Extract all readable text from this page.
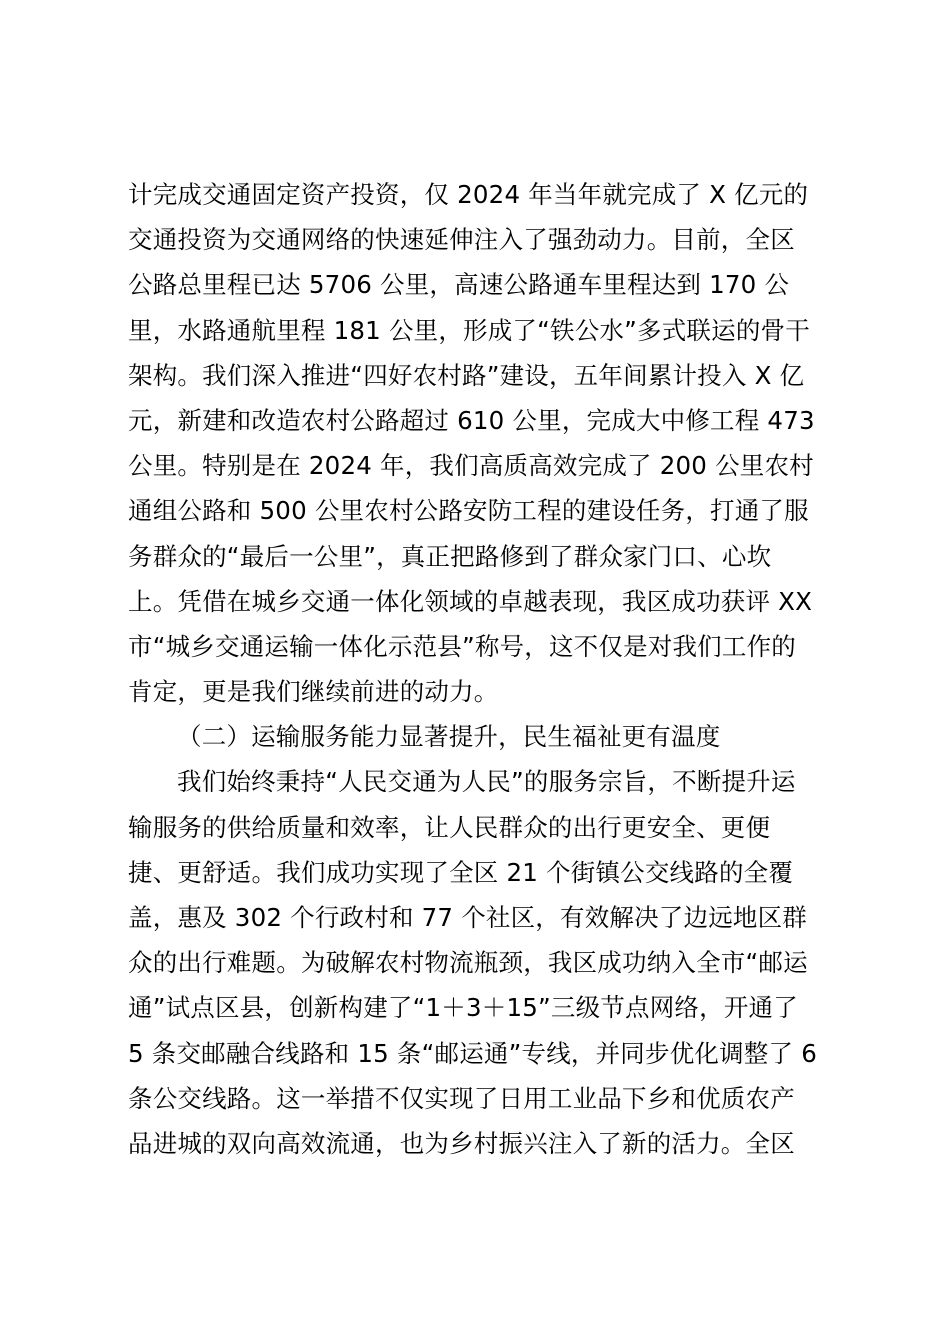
计完成交通固定资产投资，仅 2024 年当年就完成了 X 亿元的
交通投资为交通网络的快速延伸注入了强劲动力。目前，全区
公路总里程已达 5706 公里，高速公路通车里程达到 170 公
里，水路通航里程 181 公里，形成了“铁公水”多式联运的骨干
架构。我们深入推进“四好农村路”建设，五年间累计投入 X 亿
元，新建和改造农村公路超过 610 公里，完成大中修工程 473
公里。特别是在 2024 年，我们高质高效完成了 200 公里农村
通组公路和 500 公里农村公路安防工程的建设任务，打通了服
务群众的“最后一公里”，真正把路修到了群众家门口、心坎
上。凭借在城乡交通一体化领域的卓越表现，我区成功获评 XX
市“城乡交通运输一体化示范县”称号，这不仅是对我们工作的
肯定，更是我们继续前进的动力。
（二）运输服务能力显著提升，民生福祉更有温度
我们始终秉持“人民交通为人民”的服务宗旨，不断提升运
输服务的供给质量和效率，让人民群众的出行更安全、更便
捷、更舒适。我们成功实现了全区 21 个街镇公交线路的全覆
盖，惠及 302 个行政村和 77 个社区，有效解决了边远地区群
众的出行难题。为破解农村物流瓶颈，我区成功纳入全市“邮运
通”试点区县，创新构建了“1＋3＋15”三级节点网络，开通了
5 条交邮融合线路和 15 条“邮运通”专线，并同步优化调整了 6
条公交线路。这一举措不仅实现了日用工业品下乡和优质农产
品进城的双向高效流通，也为乡村振兴注入了新的活力。全区
